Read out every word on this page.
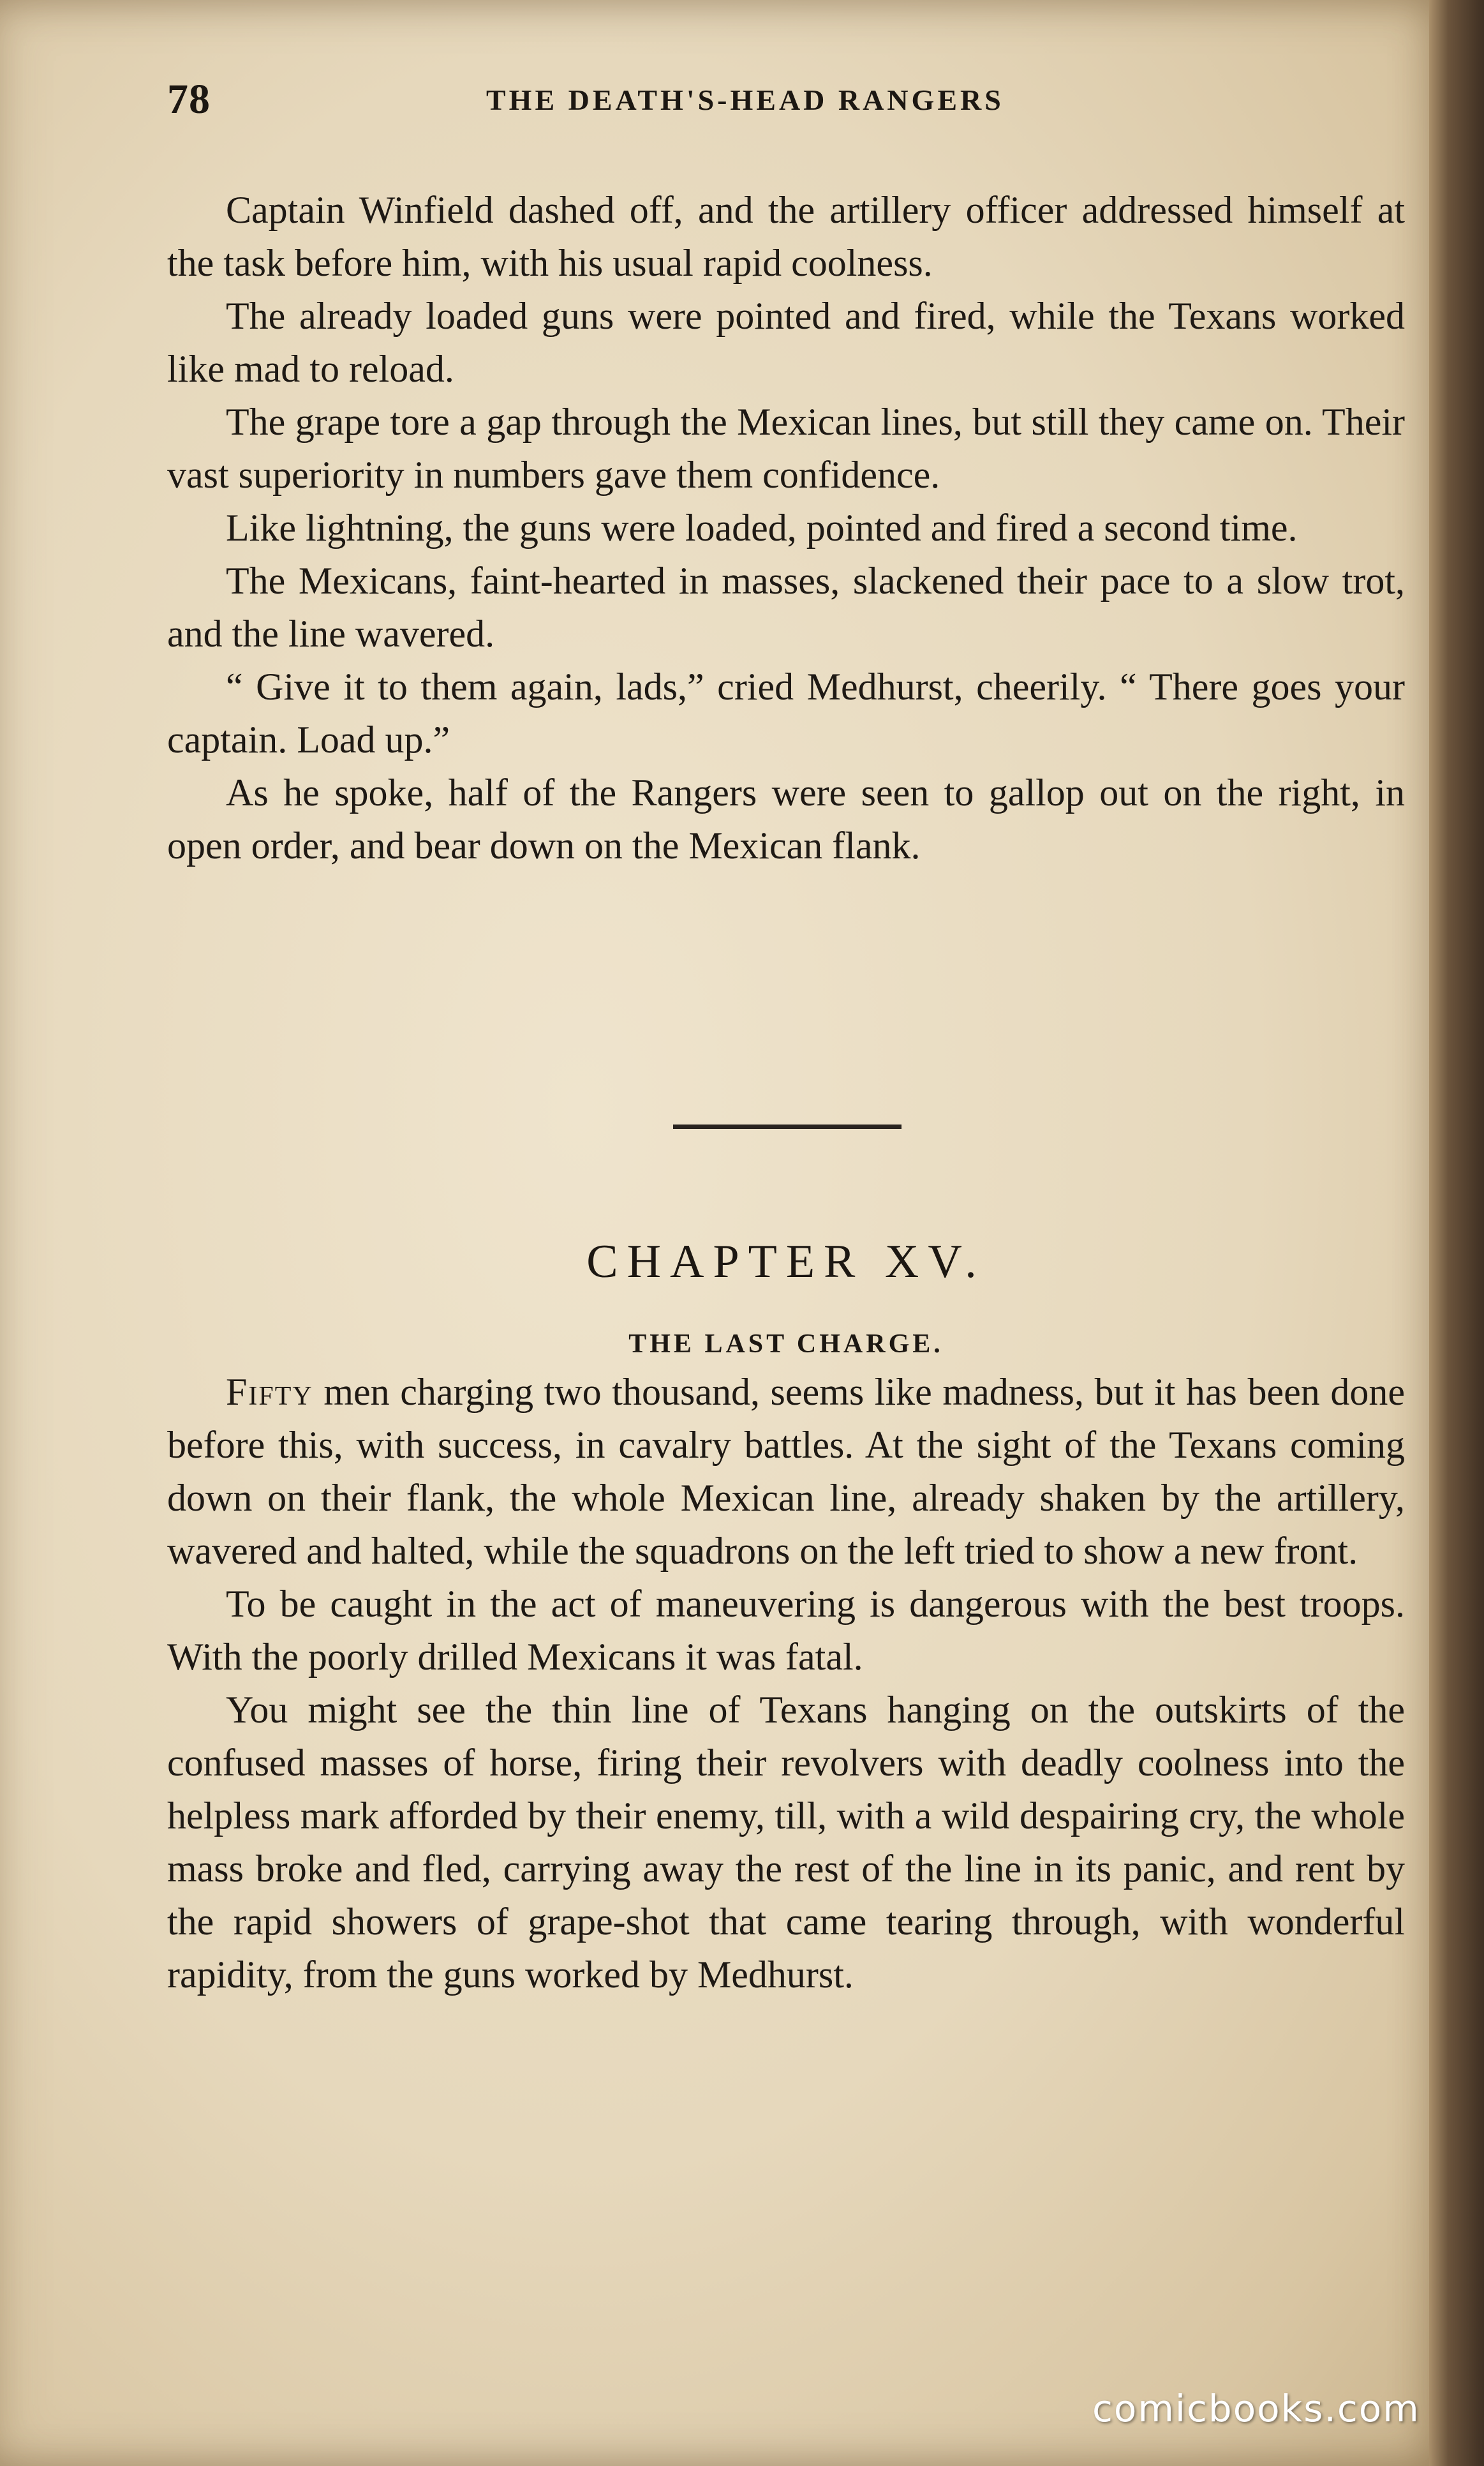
78	THE DEATH'S-HEAD RANGERS

Captain Winfield dashed off, and the artillery officer addressed himself at the task before him, with his usual rapid coolness.

The already loaded guns were pointed and fired, while the Texans worked like mad to reload.

The grape tore a gap through the Mexican lines, but still they came on. Their vast superiority in numbers gave them confidence.

Like lightning, the guns were loaded, pointed and fired a second time.

The Mexicans, faint-hearted in masses, slackened their pace to a slow trot, and the line wavered.

“ Give it to them again, lads,” cried Medhurst, cheerily. “ There goes your captain. Load up.”

As he spoke, half of the Rangers were seen to gallop out on the right, in open order, and bear down on the Mexican flank.

CHAPTER XV.
THE LAST CHARGE.

Fifty men charging two thousand, seems like madness, but it has been done before this, with success, in cavalry battles. At the sight of the Texans coming down on their flank, the whole Mexican line, already shaken by the artillery, wavered and halted, while the squadrons on the left tried to show a new front.

To be caught in the act of maneuvering is dangerous with the best troops. With the poorly drilled Mexicans it was fatal.

You might see the thin line of Texans hanging on the outskirts of the confused masses of horse, firing their revolvers with deadly coolness into the helpless mark afforded by their enemy, till, with a wild despairing cry, the whole mass broke and fled, carrying away the rest of the line in its panic, and rent by the rapid showers of grape-shot that came tearing through, with wonderful rapidity, from the guns worked by Medhurst.

comicbooks.com
